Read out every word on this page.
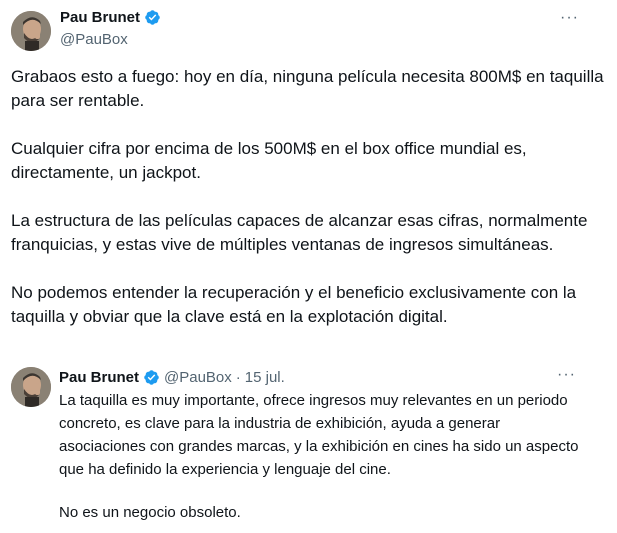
Pau Brunet
@PauBox
···

Grabaos esto a fuego: hoy en día, ninguna película necesita 800M$ en taquilla para ser rentable.

Cualquier cifra por encima de los 500M$ en el box office mundial es, directamente, un jackpot.

La estructura de las películas capaces de alcanzar esas cifras, normalmente franquicias, y estas vive de múltiples ventanas de ingresos simultáneas.

No podemos entender la recuperación y el beneficio exclusivamente con la taquilla y obviar que la clave está en la explotación digital.

Pau Brunet @PauBox · 15 jul.	···

La taquilla es muy importante, ofrece ingresos muy relevantes en un periodo concreto, es clave para la industria de exhibición, ayuda a generar asociaciones con grandes marcas, y la exhibición en cines ha sido un aspecto que ha definido la experiencia y lenguaje del cine.

No es un negocio obsoleto.
